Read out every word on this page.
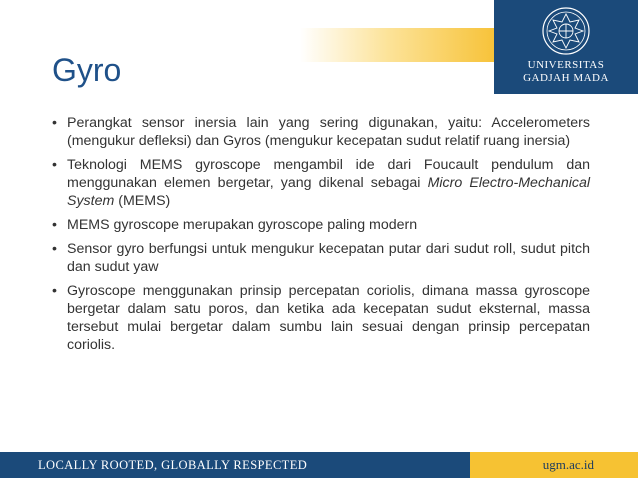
UNIVERSITAS
GADJAH MADA
Gyro
• Perangkat sensor inersia lain yang sering digunakan, yaitu: Accelerometers (mengukur defleksi) dan Gyros (mengukur kecepatan sudut relatif ruang inersia)
• Teknologi MEMS gyroscope mengambil ide dari Foucault pendulum dan menggunakan elemen bergetar, yang dikenal sebagai Micro Electro-Mechanical System (MEMS)
• MEMS gyroscope merupakan gyroscope paling modern
• Sensor gyro berfungsi untuk mengukur kecepatan putar dari sudut roll, sudut pitch dan sudut yaw
• Gyroscope menggunakan prinsip percepatan coriolis, dimana massa gyroscope bergetar dalam satu poros, dan ketika ada kecepatan sudut eksternal, massa tersebut mulai bergetar dalam sumbu lain sesuai dengan prinsip percepatan coriolis.
LOCALLY ROOTED, GLOBALLY RESPECTED	ugm.ac.id
